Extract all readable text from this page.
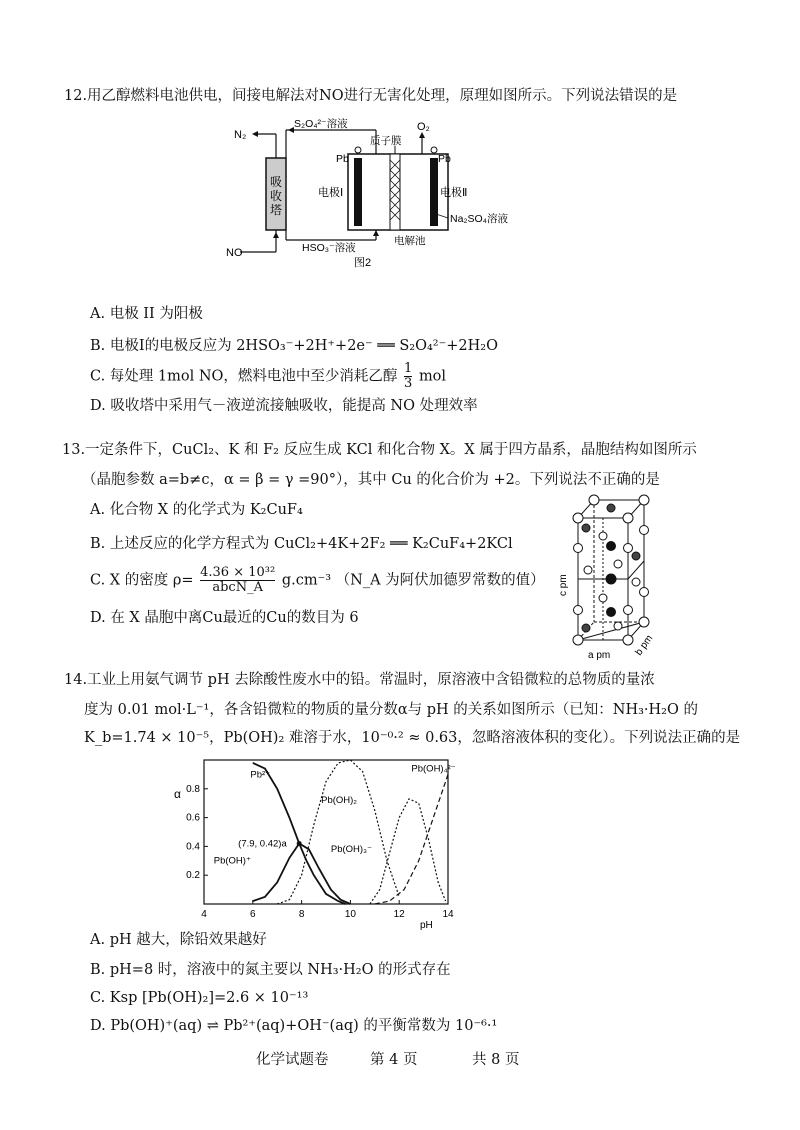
12.用乙醇燃料电池供电，间接电解法对NO进行无害化处理，原理如图所示。下列说法错误的是
吸
收
塔
N₂
NO
S₂O₄²⁻溶液
HSO₃⁻溶液
质子膜
Pb	Pb
O₂
电极Ⅰ	电极Ⅱ
Na₂SO₄溶液
电解池
图2
A. 电极 II 为阳极
B. 电极Ⅰ的电极反应为 2HSO₃⁻+2H⁺+2e⁻ ══ S₂O₄²⁻+2H₂O
C. 每处理 1mol NO，燃料电池中至少消耗乙醇 $\frac{1}{3}$ mol
D. 吸收塔中采用气－液逆流接触吸收，能提高 NO 处理效率
13.一定条件下，CuCl₂、K 和 F₂ 反应生成 KCl 和化合物 X。X 属于四方晶系，晶胞结构如图所示
（晶胞参数 a=b≠c，α = β = γ =90°），其中 Cu 的化合价为 +2。下列说法不正确的是
A. 化合物 X 的化学式为 K₂CuF₄
B. 上述反应的化学方程式为 CuCl₂+4K+2F₂ ══ K₂CuF₄+2KCl
C. X 的密度 $\rho= \frac{\text{4.36 × 10³²}}{\text{abcN\_A}} g.cm^{-3}$ （N_A 为阿伏加德罗常数的值）
D. 在 X 晶胞中离Cu最近的Cu的数目为 6
c pm
a pm b pm
14.工业上用氨气调节 pH 去除酸性废水中的铅。常温时，原溶液中含铅微粒的总物质的量浓
度为 0.01 mol·L⁻¹，各含铅微粒的物质的量分数α与 pH 的关系如图所示（已知：NH₃·H₂O 的
K_b=1.74 × 10⁻⁵，Pb(OH)₂ 难溶于水，10⁻⁰·² ≈ 0.63，忽略溶液体积的变化）。下列说法正确的是
4	6	8	10	12	14
0.2
0.4
0.6
0.8
pH
α
Pb²⁺
Pb(OH)⁺
Pb(OH)₂
Pb(OH)₃⁻
Pb(OH)₄²⁻
(7.9, 0.42)a
A. pH 越大，除铅效果越好
B. pH=8 时，溶液中的氮主要以 NH₃·H₂O 的形式存在
C. Ksp [Pb(OH)₂]=2.6 × 10⁻¹³
D. Pb(OH)⁺(aq) ⇌ Pb²⁺(aq)+OH⁻(aq) 的平衡常数为 10⁻⁶·¹
化学试题卷	第 4 页	共 8 页
